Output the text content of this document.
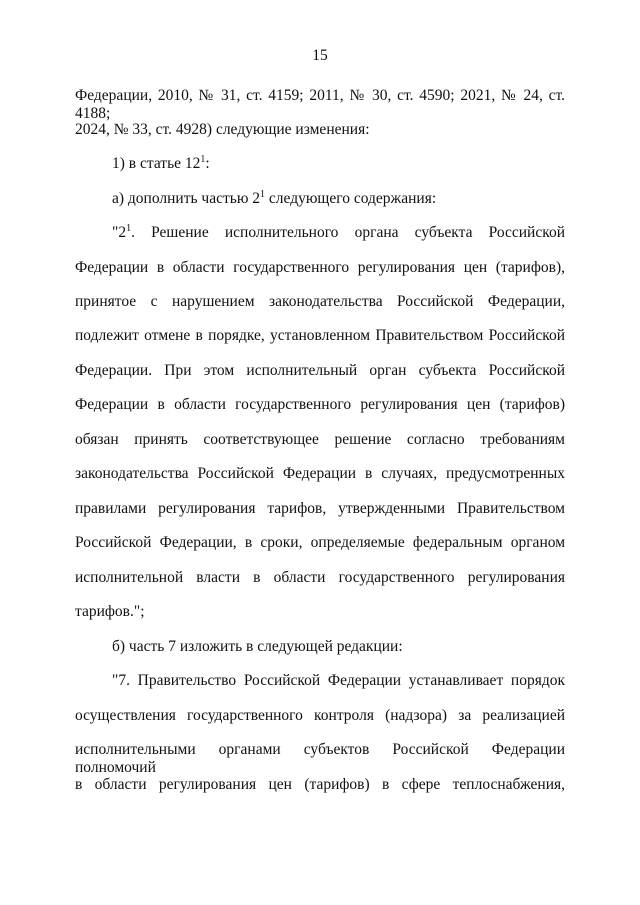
15
Федерации, 2010, № 31, ст. 4159; 2011, № 30, ст. 4590; 2021, № 24, ст. 4188;
2024, № 33, ст. 4928) следующие изменения:
1) в статье $12^1$:
а) дополнить частью $2^1$ следующего содержания:
"$2^1$. Решение исполнительного органа субъекта Российской
Федерации в области государственного регулирования цен (тарифов),
принятое с нарушением законодательства Российской Федерации,
подлежит отмене в порядке, установленном Правительством Российской
Федерации. При этом исполнительный орган субъекта Российской
Федерации в области государственного регулирования цен (тарифов)
обязан принять соответствующее решение согласно требованиям
законодательства Российской Федерации в случаях, предусмотренных
правилами регулирования тарифов, утвержденными Правительством
Российской Федерации, в сроки, определяемые федеральным органом
исполнительной власти в области государственного регулирования
тарифов.";
б) часть 7 изложить в следующей редакции:
"7. Правительство Российской Федерации устанавливает порядок
осуществления государственного контроля (надзора) за реализацией
исполнительными органами субъектов Российской Федерации полномочий
в области регулирования цен (тарифов) в сфере теплоснабжения,
